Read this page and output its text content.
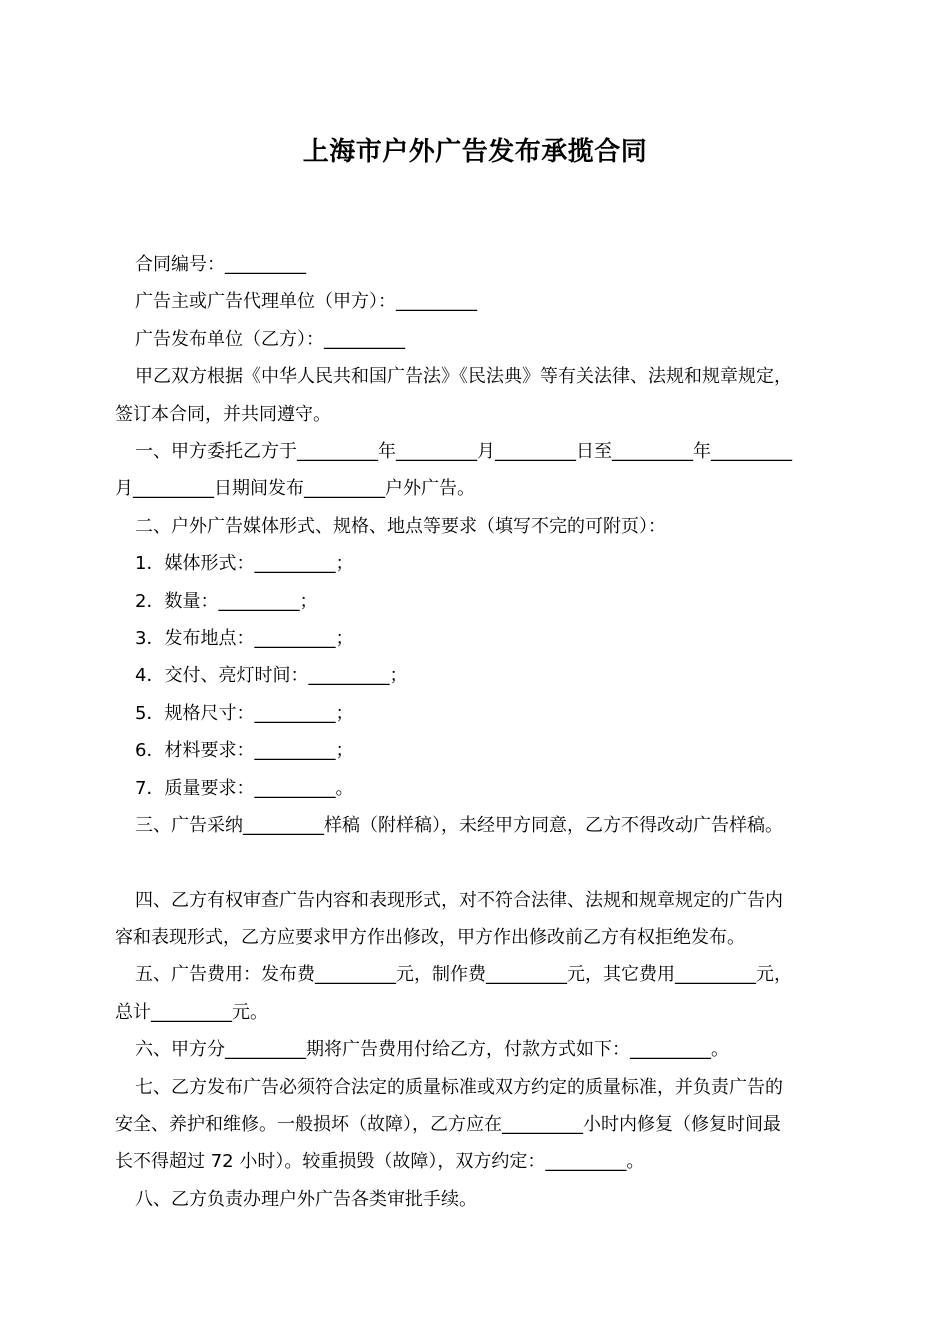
上海市户外广告发布承揽合同
合同编号：_________
广告主或广告代理单位（甲方）：_________
广告发布单位（乙方）：_________
甲乙双方根据《中华人民共和国广告法》《民法典》等有关法律、法规和规章规定，
签订本合同，并共同遵守。
一、甲方委托乙方于_________年_________月_________日至_________年_________
月_________日期间发布_________户外广告。
二、户外广告媒体形式、规格、地点等要求（填写不完的可附页）：
1．媒体形式：_________；
2．数量：_________；
3．发布地点：_________；
4．交付、亮灯时间：_________；
5．规格尺寸：_________；
6．材料要求：_________；
7．质量要求：_________。
三、广告采纳_________样稿（附样稿），未经甲方同意，乙方不得改动广告样稿。
四、乙方有权审查广告内容和表现形式，对不符合法律、法规和规章规定的广告内
容和表现形式，乙方应要求甲方作出修改，甲方作出修改前乙方有权拒绝发布。
五、广告费用：发布费_________元，制作费_________元，其它费用_________元，
总计_________元。
六、甲方分_________期将广告费用付给乙方，付款方式如下：_________。
七、乙方发布广告必须符合法定的质量标准或双方约定的质量标准，并负责广告的
安全、养护和维修。一般损坏（故障），乙方应在_________小时内修复（修复时间最
长不得超过 72 小时）。较重损毁（故障），双方约定：_________。
八、乙方负责办理户外广告各类审批手续。
